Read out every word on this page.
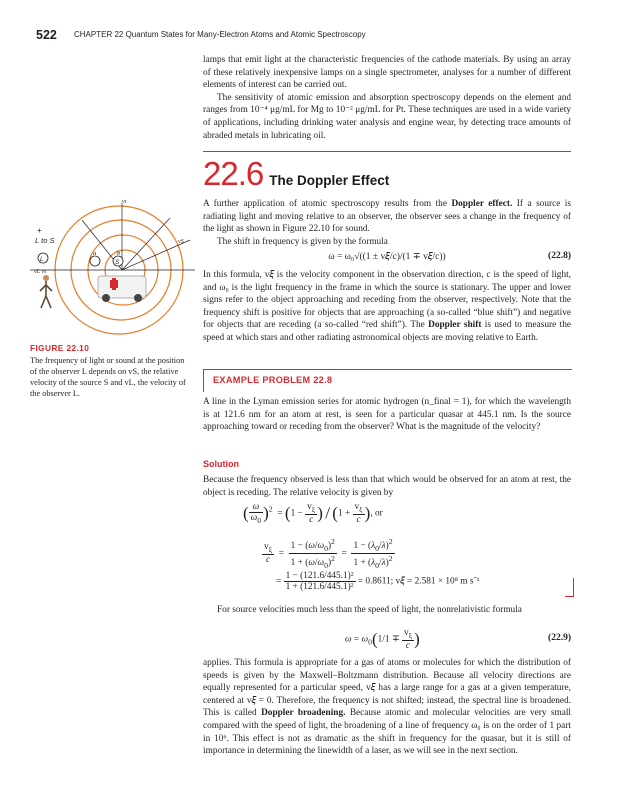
522 CHAPTER 22 Quantum States for Many-Electron Atoms and Atomic Spectroscopy

lamps that emit light at the characteristic frequencies of the cathode materials. By using an array of these relatively inexpensive lamps on a single spectrometer, analyses for a number of different elements of interest can be carried out.

The sensitivity of atomic emission and absorption spectroscopy depends on the element and ranges from 10⁻⁴ μg/mL for Mg to 10⁻² μg/mL for Pt. These techniques are used in a wide variety of applications, including drinking water analysis and engine wear, by detecting trace amounts of abraded metals in lubricating oil.

22.6 The Doppler Effect

A further application of atomic spectroscopy results from the Doppler effect. If a source is radiating light and moving relative to an observer, the observer sees a change in the frequency of the light as shown in Figure 22.10 for sound.

The shift in frequency is given by the formula

ω = ω₀√((1 ± v𝜉/c)/(1 ∓ v𝜉/c))	(22.8)

In this formula, v𝜉 is the velocity component in the observation direction, c is the speed of light, and ω₀ is the light frequency in the frame in which the source is stationary. The upper and lower signs refer to the object approaching and receding from the observer, respectively. Note that the frequency shift is positive for objects that are approaching (a so-called “blue shift”) and negative for objects that are receding (a so-called “red shift”). The Doppler shift is used to measure the speed at which stars and other radiating astronomical objects are moving relative to Earth.

vt
+
L to S
a	b
L	S
vS
vL vs
FIGURE 22.10
The frequency of light or sound at the position of the observer L depends on vS, the relative velocity of the source S and vL, the velocity of the observer L.
EXAMPLE PROBLEM 22.8

A line in the Lyman emission series for atomic hydrogen (n_final = 1), for which the wavelength is at 121.6 nm for an atom at rest, is seen for a particular quasar at 445.1 nm. Is the source approaching toward or receding from the observer? What is the magnitude of the velocity?

Solution

Because the frequency observed is less than that which would be observed for an atom at rest, the object is receding. The relative velocity is given by

( $\frac{\omega}{\omega_0} )^2 = (1 - \frac{v_\xi}{c}$ ) / ($1 + \frac{v_\xi}{c}$ ), or
$\frac{v_\xi}{c} = \frac{1 - (\omega/\omega_0)^2}{1 + (\omega/\omega_0)^2} = \frac{1 - (\lambda_0/\lambda)^2}{1 + (\lambda_0/\lambda)^2}$
= $\frac{\text{1 − (121.6/445.1)²}}{\text{1 + (121.6/445.1)²}} = 0.8611$; v𝜉 = 2.581 × 10⁸ m s⁻¹

For source velocities much less than the speed of light, the nonrelativistic formula

$\omega = \omega_0(1/1 \mp \frac{v_\xi}{c}$ )	(22.9)

applies. This formula is appropriate for a gas of atoms or molecules for which the distribution of speeds is given by the Maxwell–Boltzmann distribution. Because all velocity directions are equally represented for a particular speed, v𝜉 has a large range for a gas at a given temperature, centered at v𝜉 = 0. Therefore, the frequency is not shifted; instead, the spectral line is broadened. This is called Doppler broadening. Because atomic and molecular velocities are very small compared with the speed of light, the broadening of a line of frequency ω₀ is on the order of 1 part in 10⁶. This effect is not as dramatic as the shift in frequency for the quasar, but it is still of importance in determining the linewidth of a laser, as we will see in the next section.
